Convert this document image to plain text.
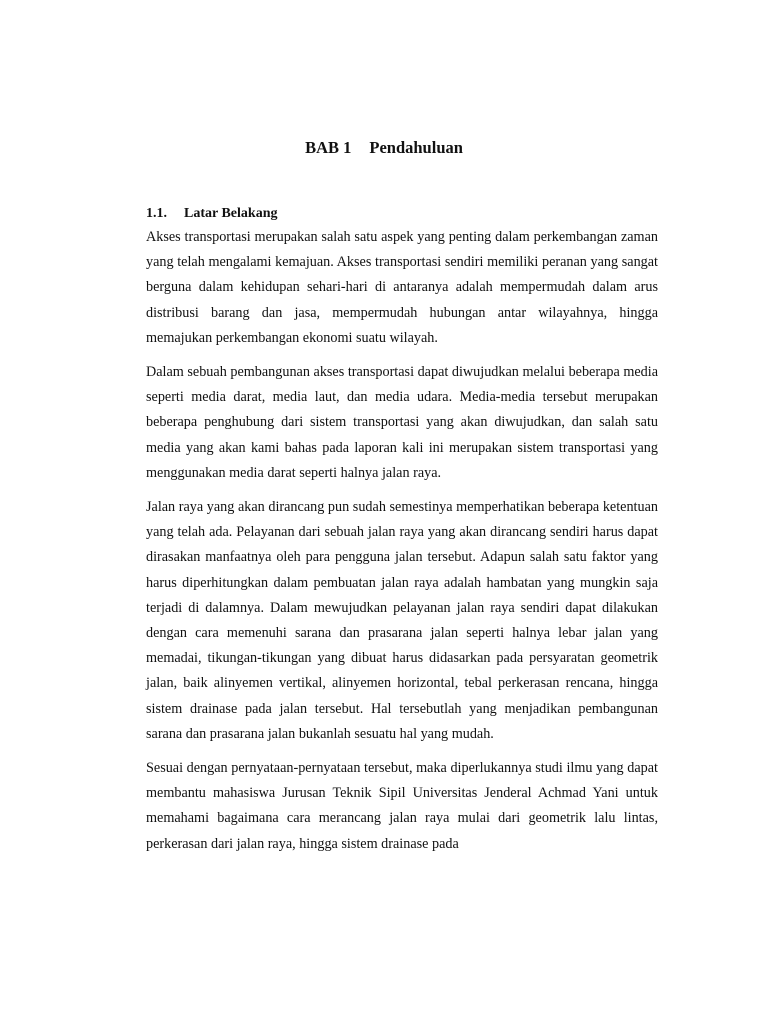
BAB 1 Pendahuluan
1.1. Latar Belakang

Akses transportasi merupakan salah satu aspek yang penting dalam perkembangan zaman yang telah mengalami kemajuan. Akses transportasi sendiri memiliki peranan yang sangat berguna dalam kehidupan sehari-hari di antaranya adalah mempermudah dalam arus distribusi barang dan jasa, mempermudah hubungan antar wilayahnya, hingga memajukan perkembangan ekonomi suatu wilayah.

Dalam sebuah pembangunan akses transportasi dapat diwujudkan melalui beberapa media seperti media darat, media laut, dan media udara. Media-media tersebut merupakan beberapa penghubung dari sistem transportasi yang akan diwujudkan, dan salah satu media yang akan kami bahas pada laporan kali ini merupakan sistem transportasi yang menggunakan media darat seperti halnya jalan raya.

Jalan raya yang akan dirancang pun sudah semestinya memperhatikan beberapa ketentuan yang telah ada. Pelayanan dari sebuah jalan raya yang akan dirancang sendiri harus dapat dirasakan manfaatnya oleh para pengguna jalan tersebut. Adapun salah satu faktor yang harus diperhitungkan dalam pembuatan jalan raya adalah hambatan yang mungkin saja terjadi di dalamnya. Dalam mewujudkan pelayanan jalan raya sendiri dapat dilakukan dengan cara memenuhi sarana dan prasarana jalan seperti halnya lebar jalan yang memadai, tikungan-tikungan yang dibuat harus didasarkan pada persyaratan geometrik jalan, baik alinyemen vertikal, alinyemen horizontal, tebal perkerasan rencana, hingga sistem drainase pada jalan tersebut. Hal tersebutlah yang menjadikan pembangunan sarana dan prasarana jalan bukanlah sesuatu hal yang mudah.

Sesuai dengan pernyataan-pernyataan tersebut, maka diperlukannya studi ilmu yang dapat membantu mahasiswa Jurusan Teknik Sipil Universitas Jenderal Achmad Yani untuk memahami bagaimana cara merancang jalan raya mulai dari geometrik lalu lintas, perkerasan dari jalan raya, hingga sistem drainase pada
